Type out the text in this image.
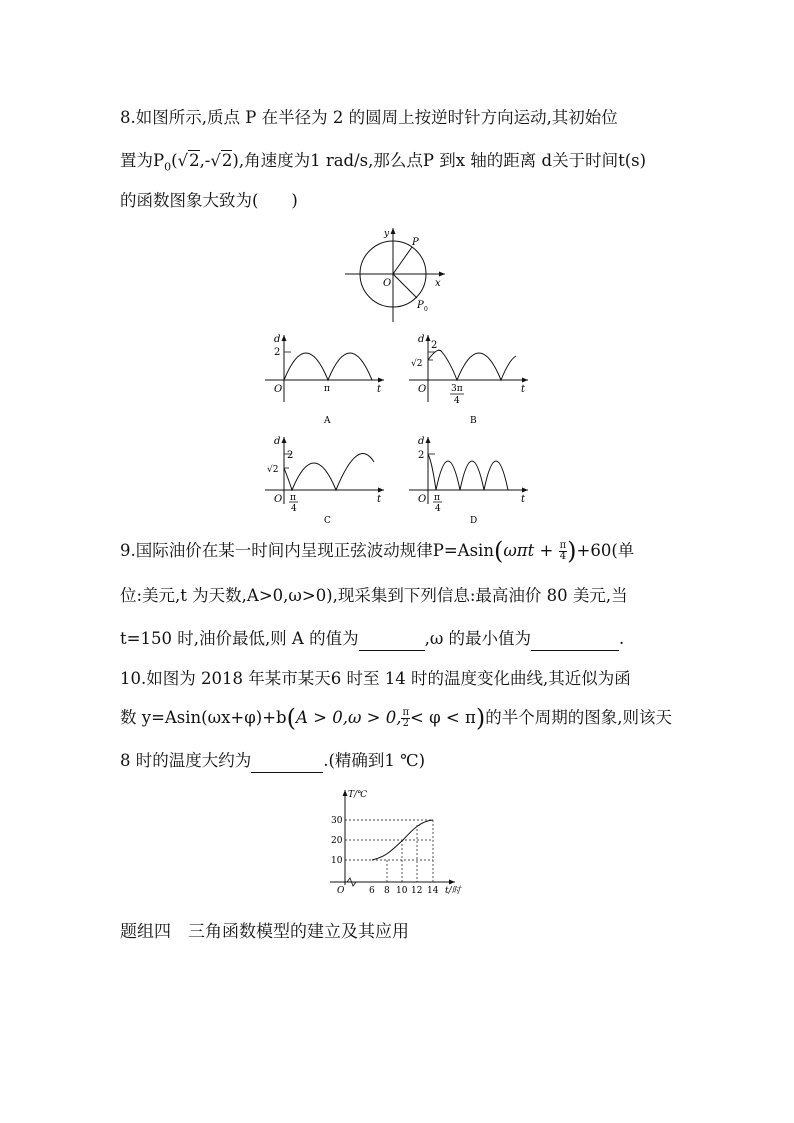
8.如图所示,质点 P 在半径为 2 的圆周上按逆时针方向运动,其初始位
置为$P_0(√2,-√2)$,角速度为1 rad/s,那么点P 到x 轴的距离 d关于时间t(s)
的函数图象大致为(　　)
y
x
O
P
P 0
d
2
O	π	t
A
d
2
√2
O	3π
4
t
B
d
2
√2
O π
4
t
C
d
2
O π
4
t
D
9.国际油价在某一时间内呈现正弦波动规律$P=Asin(\omega\pi t + \frac{\pi}{4} )+60$(单
位:美元,t 为天数,A>0,ω>0),现采集到下列信息:最高油价 80 美元,当
t=150 时,油价最低,则 A 的值为	,ω 的最小值为	.
10.如图为 2018 年某市某天6 时至 14 时的温度变化曲线,其近似为函
数 y=Asin(ωx+φ)+b(A > 0,ω > 0, $\frac{\pi}{2} < \varphi < \pi$)的半个周期的图象,则该天
8 时的温度大约为	.(精确到1 ℃)
T/℃
10
20
30
O	6 8 10 12 14 t/时
题组四　三角函数模型的建立及其应用
